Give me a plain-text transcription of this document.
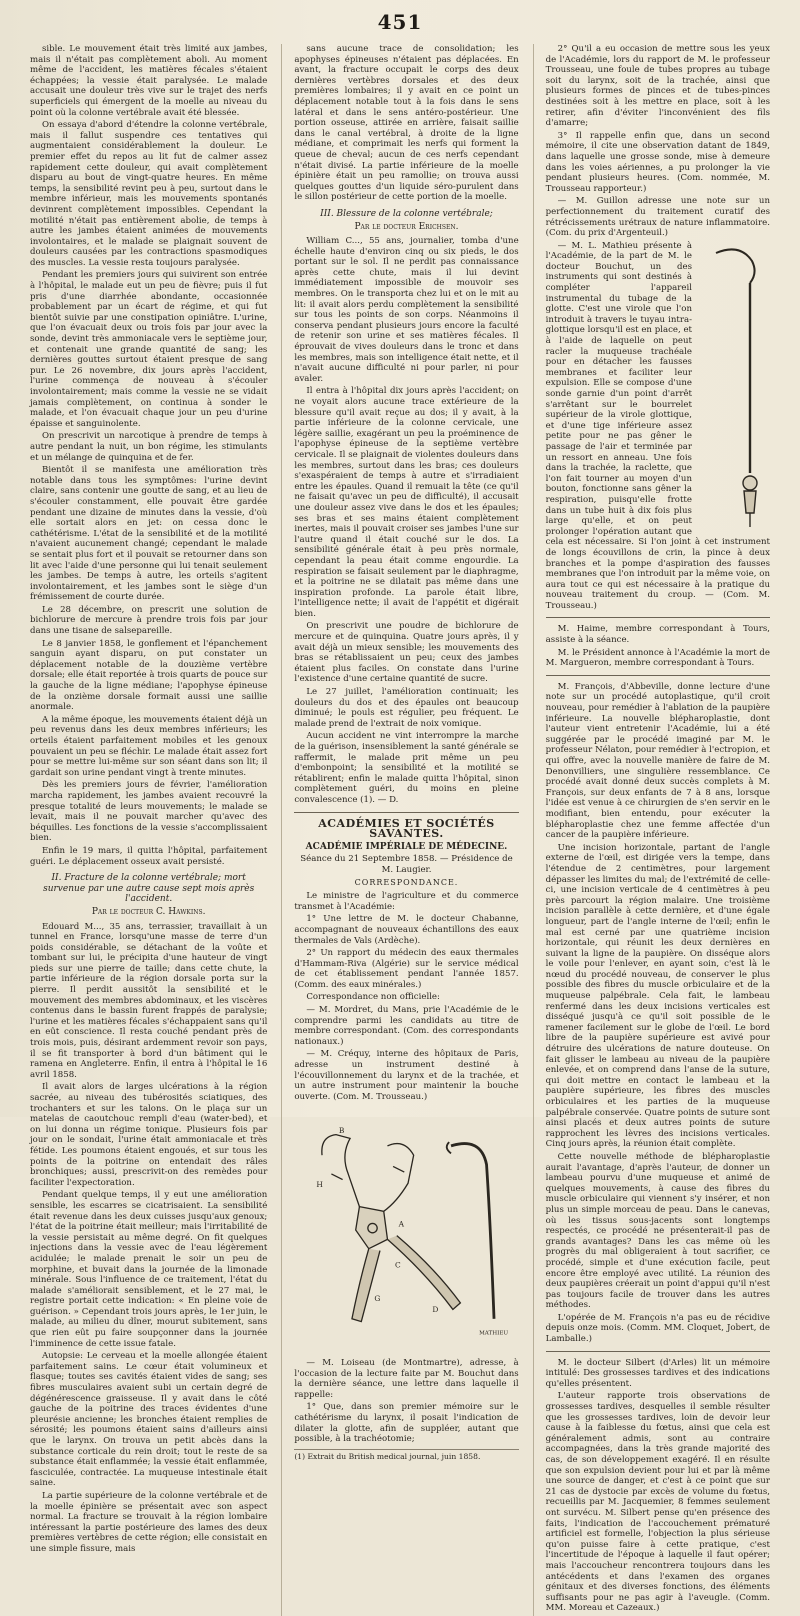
451

sible. Le mouvement était très limité aux jambes, mais il n'était pas complètement aboli. Au moment même de l'accident, les matières fécales s'étaient échappées; la vessie était paralysée. Le malade accusait une douleur très vive sur le trajet des nerfs superficiels qui émergent de la moelle au niveau du point où la colonne vertébrale avait été blessée.

On essaya d'abord d'étendre la colonne vertébrale, mais il fallut suspendre ces tentatives qui augmentaient considérablement la douleur. Le premier effet du repos au lit fut de calmer assez rapidement cette douleur, qui avait complètement disparu au bout de vingt-quatre heures. En même temps, la sensibilité revint peu à peu, surtout dans le membre inférieur, mais les mouvements spontanés devinrent complètement impossibles. Cependant la motilité n'était pas entièrement abolie, de temps à autre les jambes étaient animées de mouvements involontaires, et le malade se plaignait souvent de douleurs causées par les contractions spasmodiques des muscles. La vessie resta toujours paralysée.

Pendant les premiers jours qui suivirent son entrée à l'hôpital, le malade eut un peu de fièvre; puis il fut pris d'une diarrhée abondante, occasionnée probablement par un écart de régime, et qui fut bientôt suivie par une constipation opiniâtre. L'urine, que l'on évacuait deux ou trois fois par jour avec la sonde, devint très ammoniacale vers le septième jour, et contenait une grande quantité de sang; les dernières gouttes surtout étaient presque de sang pur. Le 26 novembre, dix jours après l'accident, l'urine commença de nouveau à s'écouler involontairement; mais comme la vessie ne se vidait jamais complètement, on continua à sonder le malade, et l'on évacuait chaque jour un peu d'urine épaisse et sanguinolente.

On prescrivit un narcotique à prendre de temps à autre pendant la nuit, un bon régime, les stimulants et un mélange de quinquina et de fer.

Bientôt il se manifesta une amélioration très notable dans tous les symptômes: l'urine devint claire, sans contenir une goutte de sang, et au lieu de s'écouler constamment, elle pouvait être gardée pendant une dizaine de minutes dans la vessie, d'où elle sortait alors en jet: on cessa donc le cathétérisme. L'état de la sensibilité et de la motilité n'avaient aucunement changé; cependant le malade se sentait plus fort et il pouvait se retourner dans son lit avec l'aide d'une personne qui lui tenait seulement les jambes. De temps à autre, les orteils s'agitent involontairement, et les jambes sont le siège d'un frémissement de courte durée.

Le 28 décembre, on prescrit une solution de bichlorure de mercure à prendre trois fois par jour dans une tisane de salsepareille.

Le 8 janvier 1858, le gonflement et l'épanchement sanguin ayant disparu, on put constater un déplacement notable de la douzième vertèbre dorsale; elle était reportée à trois quarts de pouce sur la gauche de la ligne médiane; l'apophyse épineuse de la onzième dorsale formait aussi une saillie anormale.

A la même époque, les mouvements étaient déjà un peu revenus dans les deux membres inférieurs; les orteils étaient parfaitement mobiles et les genoux pouvaient un peu se fléchir. Le malade était assez fort pour se mettre lui-même sur son séant dans son lit; il gardait son urine pendant vingt à trente minutes.

Dès les premiers jours de février, l'amélioration marcha rapidement, les jambes avaient recouvré la presque totalité de leurs mouvements; le malade se levait, mais il ne pouvait marcher qu'avec des béquilles. Les fonctions de la vessie s'accomplissaient bien.

Enfin le 19 mars, il quitta l'hôpital, parfaitement guéri. Le déplacement osseux avait persisté.

II. Fracture de la colonne vertébrale; mort survenue par une autre cause sept mois après l'accident.

Par le docteur C. Hawkins.

Edouard M..., 35 ans, terrassier, travaillait à un tunnel en France, lorsqu'une masse de terre d'un poids considérable, se détachant de la voûte et tombant sur lui, le précipita d'une hauteur de vingt pieds sur une pierre de taille; dans cette chute, la partie inférieure de la région dorsale porta sur la pierre. Il perdit aussitôt la sensibilité et le mouvement des membres abdominaux, et les viscères contenus dans le bassin furent frappés de paralysie; l'urine et les matières fécales s'échappaient sans qu'il en eût conscience. Il resta couché pendant près de trois mois, puis, désirant ardemment revoir son pays, il se fit transporter à bord d'un bâtiment qui le ramena en Angleterre. Enfin, il entra à l'hôpital le 16 avril 1858.

Il avait alors de larges ulcérations à la région sacrée, au niveau des tubérosités sciatiques, des trochanters et sur les talons. On le plaça sur un matelas de caoutchouc rempli d'eau (water-bed), et on lui donna un régime tonique. Plusieurs fois par jour on le sondait, l'urine était ammoniacale et très fétide. Les poumons étaient engoués, et sur tous les points de la poitrine on entendait des râles bronchiques; aussi, prescrivit-on des remèdes pour faciliter l'expectoration.

Pendant quelque temps, il y eut une amélioration sensible, les escarres se cicatrisaient. La sensibilité était revenue dans les deux cuisses jusqu'aux genoux; l'état de la poitrine était meilleur; mais l'irritabilité de la vessie persistait au même degré. On fit quelques injections dans la vessie avec de l'eau légèrement acidulée; le malade prenait le soir un peu de morphine, et buvait dans la journée de la limonade minérale. Sous l'influence de ce traitement, l'état du malade s'améliorait sensiblement, et le 27 mai, le registre portait cette indication: « En pleine voie de guérison. » Cependant trois jours après, le 1er juin, le malade, au milieu du dîner, mourut subitement, sans que rien eût pu faire soupçonner dans la journée l'imminence de cette issue fatale.

Autopsie: Le cerveau et la moelle allongée étaient parfaitement sains. Le cœur était volumineux et flasque; toutes ses cavités étaient vides de sang; ses fibres musculaires avaient subi un certain degré de dégénérescence graisseuse. Il y avait dans le côté gauche de la poitrine des traces évidentes d'une pleurésie ancienne; les bronches étaient remplies de sérosité; les poumons étaient sains d'ailleurs ainsi que le larynx. On trouva un petit abcès dans la substance corticale du rein droit; tout le reste de sa substance était enflammée; la vessie était enflammée, fasciculée, contractée. La muqueuse intestinale était saine.

La partie supérieure de la colonne vertébrale et de la moelle épinière se présentait avec son aspect normal. La fracture se trouvait à la région lombaire intéressant la partie postérieure des lames des deux premières vertèbres de cette région; elle consistait en une simple fissure, mais

sans aucune trace de consolidation; les apophyses épineuses n'étaient pas déplacées. En avant, la fracture occupait le corps des deux dernières vertèbres dorsales et des deux premières lombaires; il y avait en ce point un déplacement notable tout à la fois dans le sens latéral et dans le sens antéro-postérieur. Une portion osseuse, attirée en arrière, faisait saillie dans le canal vertébral, à droite de la ligne médiane, et comprimait les nerfs qui forment la queue de cheval; aucun de ces nerfs cependant n'était divisé. La partie inférieure de la moelle épinière était un peu ramollie; on trouva aussi quelques gouttes d'un liquide séro-purulent dans le sillon postérieur de cette portion de la moelle.

III. Blessure de la colonne vertébrale;

Par le docteur Erichsen.

William C..., 55 ans, journalier, tomba d'une échelle haute d'environ cinq ou six pieds, le dos portant sur le sol. Il ne perdit pas connaissance après cette chute, mais il lui devint immédiatement impossible de mouvoir ses membres. On le transporta chez lui et on le mit au lit: il avait alors perdu complètement la sensibilité sur tous les points de son corps. Néanmoins il conserva pendant plusieurs jours encore la faculté de retenir son urine et ses matières fécales. Il éprouvait de vives douleurs dans le tronc et dans les membres, mais son intelligence était nette, et il n'avait aucune difficulté ni pour parler, ni pour avaler.

Il entra à l'hôpital dix jours après l'accident; on ne voyait alors aucune trace extérieure de la blessure qu'il avait reçue au dos; il y avait, à la partie inférieure de la colonne cervicale, une légère saillie, exagérant un peu la proéminence de l'apophyse épineuse de la septième vertèbre cervicale. Il se plaignait de violentes douleurs dans les membres, surtout dans les bras; ces douleurs s'exaspéraient de temps à autre et s'irradiaient entre les épaules. Quand il remuait la tête (ce qu'il ne faisait qu'avec un peu de difficulté), il accusait une douleur assez vive dans le dos et les épaules; ses bras et ses mains étaient complètement inertes, mais il pouvait croiser ses jambes l'une sur l'autre quand il était couché sur le dos. La sensibilité générale était à peu près normale, cependant la peau était comme engourdie. La respiration se faisait seulement par le diaphragme, et la poitrine ne se dilatait pas même dans une inspiration profonde. La parole était libre, l'intelligence nette; il avait de l'appétit et digérait bien.

On prescrivit une poudre de bichlorure de mercure et de quinquina. Quatre jours après, il y avait déjà un mieux sensible; les mouvements des bras se rétablissaient un peu; ceux des jambes étaient plus faciles. On constate dans l'urine l'existence d'une certaine quantité de sucre.

Le 27 juillet, l'amélioration continuait; les douleurs du dos et des épaules ont beaucoup diminué; le pouls est régulier, peu fréquent. Le malade prend de l'extrait de noix vomique.

Aucun accident ne vint interrompre la marche de la guérison, insensiblement la santé générale se raffermit, le malade prit même un peu d'embonpoint; la sensibilité et la motilité se rétablirent; enfin le malade quitta l'hôpital, sinon complètement guéri, du moins en pleine convalescence (1). — D.

ACADÉMIES ET SOCIÉTÉS SAVANTES.

ACADÉMIE IMPÉRIALE DE MÉDECINE.

Séance du 21 Septembre 1858. — Présidence de M. Laugier.

CORRESPONDANCE.

Le ministre de l'agriculture et du commerce transmet à l'Académie:

1° Une lettre de M. le docteur Chabanne, accompagnant de nouveaux échantillons des eaux thermales de Vals (Ardèche).

2° Un rapport du médecin des eaux thermales d'Hammam-Riva (Algérie) sur le service médical de cet établissement pendant l'année 1857. (Comm. des eaux minérales.)

Correspondance non officielle:

— M. Mordret, du Mans, prie l'Académie de le comprendre parmi les candidats au titre de membre correspondant. (Com. des correspondants nationaux.)

— M. Créquy, interne des hôpitaux de Paris, adresse un instrument destiné à l'écouvillonnement du larynx et de la trachée, et un autre instrument pour maintenir la bouche ouverte. (Com. M. Trousseau.)

B
H
A
C
G
D
MATHIEU

— M. Loiseau (de Montmartre), adresse, à l'occasion de la lecture faite par M. Bouchut dans la dernière séance, une lettre dans laquelle il rappelle:

1° Que, dans son premier mémoire sur le cathétérisme du larynx, il posait l'indication de dilater la glotte, afin de suppléer, autant que possible, à la trachéotomie;

(1) Extrait du British medical journal, juin 1858.

2° Qu'il a eu occasion de mettre sous les yeux de l'Académie, lors du rapport de M. le professeur Trousseau, une foule de tubes propres au tubage soit du larynx, soit de la trachée, ainsi que plusieurs formes de pinces et de tubes-pinces destinées soit à les mettre en place, soit à les retirer, afin d'éviter l'inconvénient des fils d'amarre;

3° Il rappelle enfin que, dans un second mémoire, il cite une observation datant de 1849, dans laquelle une grosse sonde, mise à demeure dans les voies aériennes, a pu prolonger la vie pendant plusieurs heures. (Com. nommée, M. Trousseau rapporteur.)

— M. Guillon adresse une note sur un perfectionnement du traitement curatif des rétrécissements urétraux de nature inflammatoire. (Com. du prix d'Argenteuil.)

— M. L. Mathieu présente à l'Académie, de la part de M. le docteur Bouchut, un des instruments qui sont destinés à compléter l'appareil instrumental du tubage de la glotte. C'est une virole que l'on introduit à travers le tuyau intra-glottique lorsqu'il est en place, et à l'aide de laquelle on peut racler la muqueuse trachéale pour en détacher les fausses membranes et faciliter leur expulsion. Elle se compose d'une sonde garnie d'un point d'arrêt s'arrêtant sur le bourrelet supérieur de la virole glottique, et d'une tige inférieure assez petite pour ne pas gêner le passage de l'air et terminée par un ressort en anneau. Une fois dans la trachée, la raclette, que l'on fait tourner au moyen d'un bouton, fonctionne sans gêner la respiration, puisqu'elle frotte dans un tube huit à dix fois plus large qu'elle, et on peut prolonger l'opération autant que cela est nécessaire. Si l'on joint à cet instrument de longs écouvillons de crin, la pince à deux branches et la pompe d'aspiration des fausses membranes que l'on introduit par la même voie, on aura tout ce qui est nécessaire à la pratique du nouveau traitement du croup. — (Com. M. Trousseau.)

M. Haime, membre correspondant à Tours, assiste à la séance.

M. le Président annonce à l'Académie la mort de M. Margueron, membre correspondant à Tours.

M. François, d'Abbeville, donne lecture d'une note sur un procédé autoplastique, qu'il croit nouveau, pour remédier à l'ablation de la paupière inférieure. La nouvelle blépharoplastie, dont l'auteur vient entretenir l'Académie, lui a été suggérée par le procédé imaginé par M. le professeur Nélaton, pour remédier à l'ectropion, et qui offre, avec la nouvelle manière de faire de M. Denonvilliers, une singulière ressemblance. Ce procédé avait donné deux succès complets à M. François, sur deux enfants de 7 à 8 ans, lorsque l'idée est venue à ce chirurgien de s'en servir en le modifiant, bien entendu, pour exécuter la blépharoplastie chez une femme affectée d'un cancer de la paupière inférieure.

Une incision horizontale, partant de l'angle externe de l'œil, est dirigée vers la tempe, dans l'étendue de 2 centimètres, pour largement dépasser les limites du mal; de l'extrémité de celle-ci, une incision verticale de 4 centimètres à peu près parcourt la région malaire. Une troisième incision parallèle à cette dernière, et d'une égale longueur, part de l'angle interne de l'œil; enfin le mal est cerné par une quatrième incision horizontale, qui réunit les deux dernières en suivant la ligne de la paupière. On disséque alors le voile pour l'enlever, en ayant soin, c'est là le nœud du procédé nouveau, de conserver le plus possible des fibres du muscle orbiculaire et de la muqueuse palpébrale. Cela fait, le lambeau renfermé dans les deux incisions verticales est disséqué jusqu'à ce qu'il soit possible de le ramener facilement sur le globe de l'œil. Le bord libre de la paupière supérieure est avivé pour détruire des ulcérations de nature douteuse. On fait glisser le lambeau au niveau de la paupière enlevée, et on comprend dans l'anse de la suture, qui doit mettre en contact le lambeau et la paupière supérieure, les fibres des muscles orbiculaires et les parties de la muqueuse palpébrale conservée. Quatre points de suture sont ainsi placés et deux autres points de suture rapprochent les lèvres des incisions verticales. Cinq jours après, la réunion était complète.

Cette nouvelle méthode de blépharoplastie aurait l'avantage, d'après l'auteur, de donner un lambeau pourvu d'une muqueuse et animé de quelques mouvements, à cause des fibres du muscle orbiculaire qui viennent s'y insérer, et non plus un simple morceau de peau. Dans le canevas, où les tissus sous-jacents sont longtemps respectés, ce procédé ne présenterait-il pas de grands avantages? Dans les cas même où les progrès du mal obligeraient à tout sacrifier, ce procédé, simple et d'une exécution facile, peut encore être employé avec utilité. La réunion des deux paupières créerait un point d'appui qu'il n'est pas toujours facile de trouver dans les autres méthodes.

L'opérée de M. François n'a pas eu de récidive depuis onze mois. (Comm. MM. Cloquet, Jobert, de Lamballe.)

M. le docteur Silbert (d'Arles) lit un mémoire intitulé: Des grossesses tardives et des indications qu'elles présentent.

L'auteur rapporte trois observations de grossesses tardives, desquelles il semble résulter que les grossesses tardives, loin de devoir leur cause à la faiblesse du fœtus, ainsi que cela est généralement admis, sont au contraire accompagnées, dans la très grande majorité des cas, de son développement exagéré. Il en résulte que son expulsion devient pour lui et par là même une source de danger, et c'est à ce point que sur 21 cas de dystocie par excès de volume du fœtus, recueillis par M. Jacquemier, 8 femmes seulement ont survécu. M. Silbert pense qu'en présence des faits, l'indication de l'accouchement prématuré artificiel est formelle, l'objection la plus sérieuse qu'on puisse faire à cette pratique, c'est l'incertitude de l'époque à laquelle il faut opérer; mais l'accoucheur rencontrera toujours dans les antécédents et dans l'examen des organes génitaux et des diverses fonctions, des éléments suffisants pour ne pas agir à l'aveugle. (Comm. MM. Moreau et Cazeaux.)
